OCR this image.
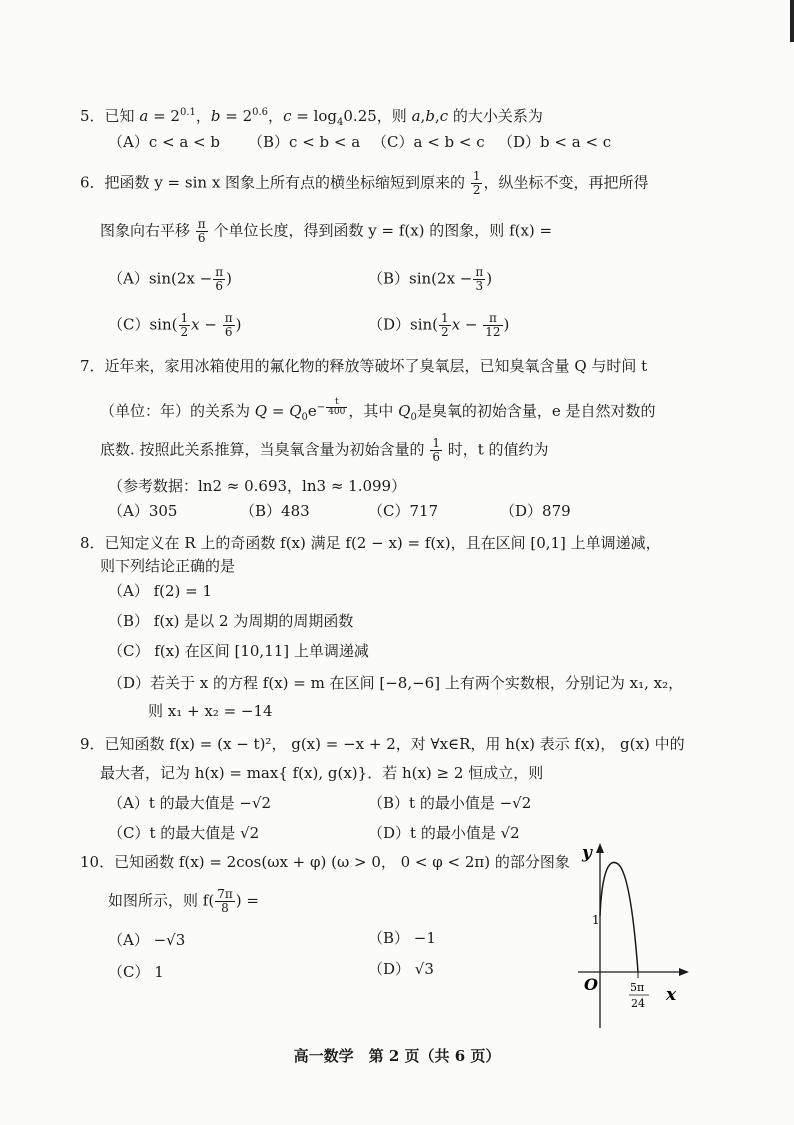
5．已知 $a = 2^{0.1}$，$b = 2^{0.6}$，$c = \log_40.25$，则 a,b,c 的大小关系为
（A）c < a < b （B）c < b < a （C）a < b < c （D）b < a < c
6．把函数 y = sin x 图象上所有点的横坐标缩短到原来的 $\frac{1}{2}$ ，纵坐标不变，再把所得
图象向右平移 $\frac{\pi}{6}$ 个单位长度，得到函数 y = f(x) 的图象，则 f(x) =
$(A)\sin(2x - \frac{\pi}{6}$ )	$(B)\sin(2x - \frac{\pi}{3}$ )
$(C)\sin( \frac{1}{2}$ $x - \frac{\pi}{6}$ )	$(D)\sin( \frac{1}{2}$ $x - \frac{\pi}{12}$ )
7．近年来，家用冰箱使用的氟化物的释放等破坏了臭氧层，已知臭氧含量 Q 与时间 t
（单位：年）的关系为 $Q = Q_0e^{- \frac{t}{400}}$ ，其中 $Q_0$是臭氧的初始含量，e 是自然对数的
底数. 按照此关系推算，当臭氧含量为初始含量的 $\frac{1}{6}$ 时，t 的值约为
（参考数据：ln2 ≈ 0.693，ln3 ≈ 1.099）
（A）305	（B）483	（C）717	（D）879
8．已知定义在 R 上的奇函数 f(x) 满足 f(2 − x) = f(x)，且在区间 [0,1] 上单调递减，
则下列结论正确的是
（A） f(2) = 1
（B） f(x) 是以 2 为周期的周期函数
（C） f(x) 在区间 [10,11] 上单调递减
（D）若关于 x 的方程 f(x) = m 在区间 [−8,−6] 上有两个实数根，分别记为 x₁, x₂，
则 x₁ + x₂ = −14
9．已知函数 f(x) = (x − t)²， g(x) = −x + 2，对 ∀x∈R，用 h(x) 表示 f(x)， g(x) 中的
最大者，记为 h(x) = max{ f(x), g(x)}．若 h(x) ≥ 2 恒成立，则
（A）t 的最大值是 −√2	（B）t 的最小值是 −√2
（C）t 的最大值是 √2	（D）t 的最小值是 √2
10．已知函数 f(x) = 2cos(ωx + φ) (ω > 0， 0 < φ < 2π) 的部分图象
如图所示，则 $f( \frac{7\pi}{8}$ ) =
（A） −√3	（B） −1
（C） 1	（D） √3
y
x
O
1
5π
24
高一数学　第 2 页（共 6 页）
